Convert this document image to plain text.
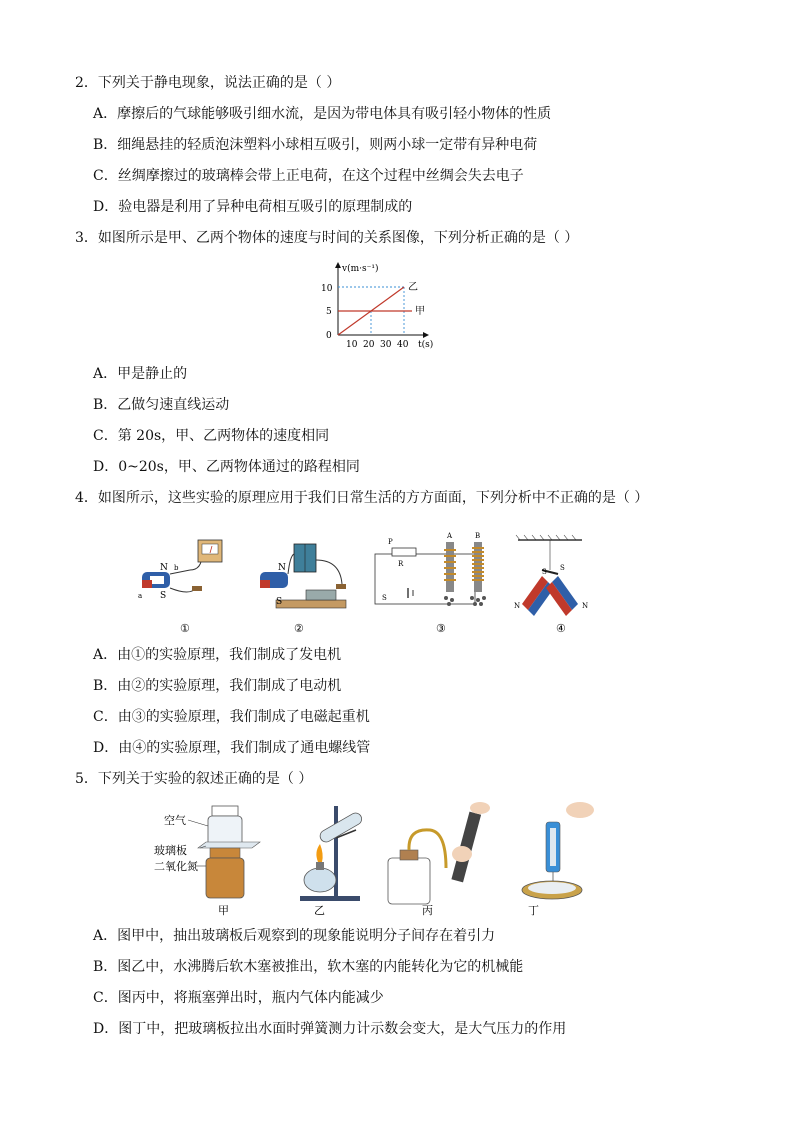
2．下列关于静电现象，说法正确的是（ ）
A．摩擦后的气球能够吸引细水流，是因为带电体具有吸引轻小物体的性质
B．细绳悬挂的轻质泡沫塑料小球相互吸引，则两小球一定带有异种电荷
C．丝绸摩擦过的玻璃棒会带上正电荷，在这个过程中丝绸会失去电子
D．验电器是利用了异种电荷相互吸引的原理制成的
3．如图所示是甲、乙两个物体的速度与时间的关系图像，下列分析正确的是（ ）
v(m·s⁻¹)
t(s)
10
5
0
10 20 30 40
乙
甲
A．甲是静止的
B．乙做匀速直线运动
C．第 20s，甲、乙两物体的速度相同
D．0~20s，甲、乙两物体通过的路程相同
4．如图所示，这些实验的原理应用于我们日常生活的方方面面，下列分析中不正确的是（ ）
N
S
a
b	N
S
P
R
A	B
S
N
S S
N
①	②	③	④
A．由①的实验原理，我们制成了发电机
B．由②的实验原理，我们制成了电动机
C．由③的实验原理，我们制成了电磁起重机
D．由④的实验原理，我们制成了通电螺线管
5．下列关于实验的叙述正确的是（ ）
空气
玻璃板
二氧化氮
甲	乙	丙	丁
A．图甲中，抽出玻璃板后观察到的现象能说明分子间存在着引力
B．图乙中，水沸腾后软木塞被推出，软木塞的内能转化为它的机械能
C．图丙中，将瓶塞弹出时，瓶内气体内能减少
D．图丁中，把玻璃板拉出水面时弹簧测力计示数会变大，是大气压力的作用
